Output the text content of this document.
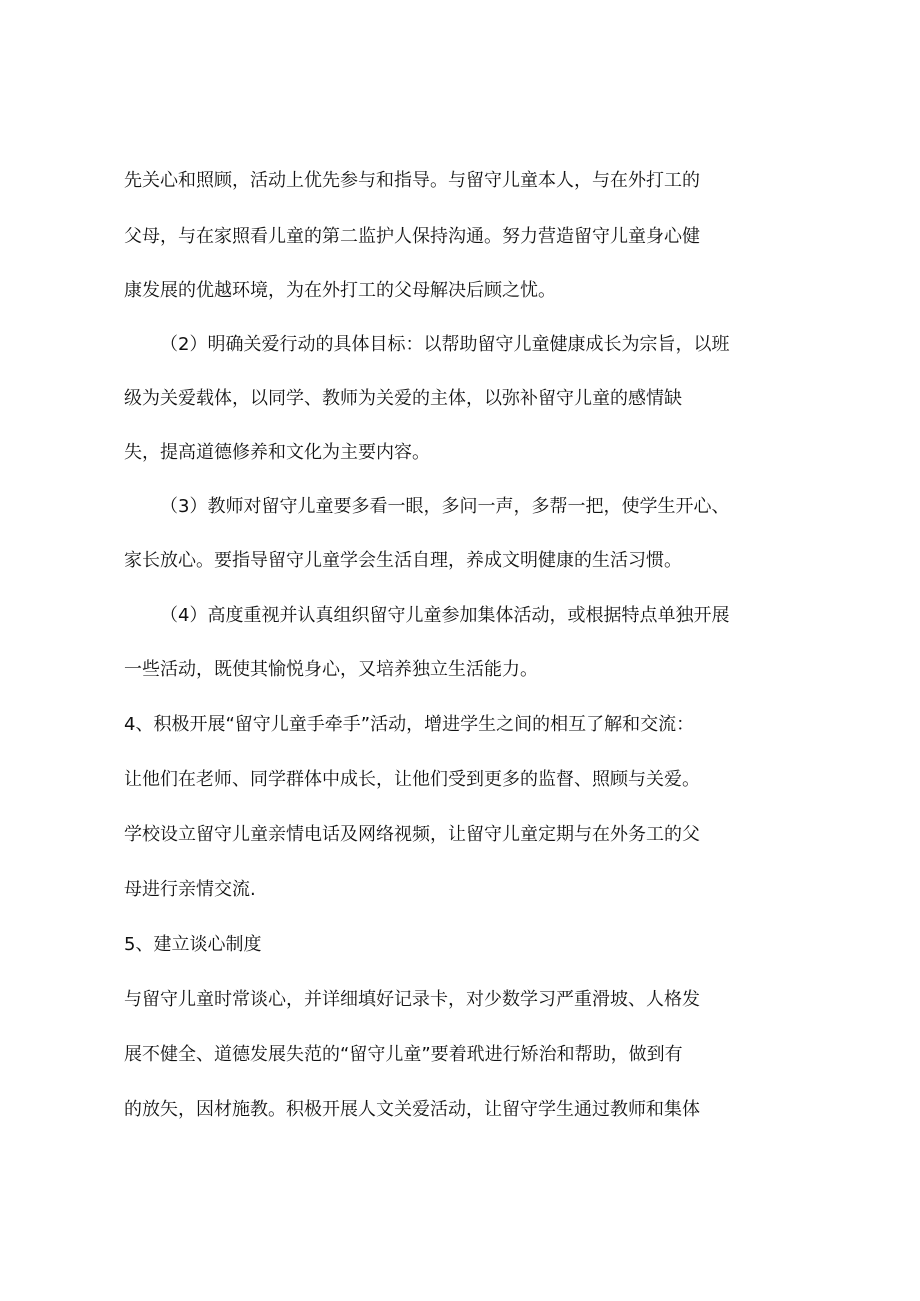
先关心和照顾，活动上优先参与和指导。与留守儿童本人，与在外打工的
父母，与在家照看儿童的第二监护人保持沟通。努力营造留守儿童身心健
康发展的优越环境，为在外打工的父母解决后顾之忧。
（2）明确关爱行动的具体目标：以帮助留守儿童健康成长为宗旨，以班
级为关爱载体，以同学、教师为关爱的主体，以弥补留守儿童的感情缺
失，提高道德修养和文化为主要内容。
（3）教师对留守儿童要多看一眼，多问一声，多帮一把，使学生开心、
家长放心。要指导留守儿童学会生活自理，养成文明健康的生活习惯。
（4）高度重视并认真组织留守儿童参加集体活动，或根据特点单独开展
一些活动，既使其愉悦身心，又培养独立生活能力。
4、积极开展“留守儿童手牵手”活动，增进学生之间的相互了解和交流：
让他们在老师、同学群体中成长，让他们受到更多的监督、照顾与关爱。
学校设立留守儿童亲情电话及网络视频，让留守儿童定期与在外务工的父
母进行亲情交流.
5、建立谈心制度
与留守儿童时常谈心，并详细填好记录卡，对少数学习严重滑坡、人格发
展不健全、道德发展失范的“留守儿童”要着玳进行矫治和帮助，做到有
的放矢，因材施教。积极开展人文关爱活动，让留守学生通过教师和集体
